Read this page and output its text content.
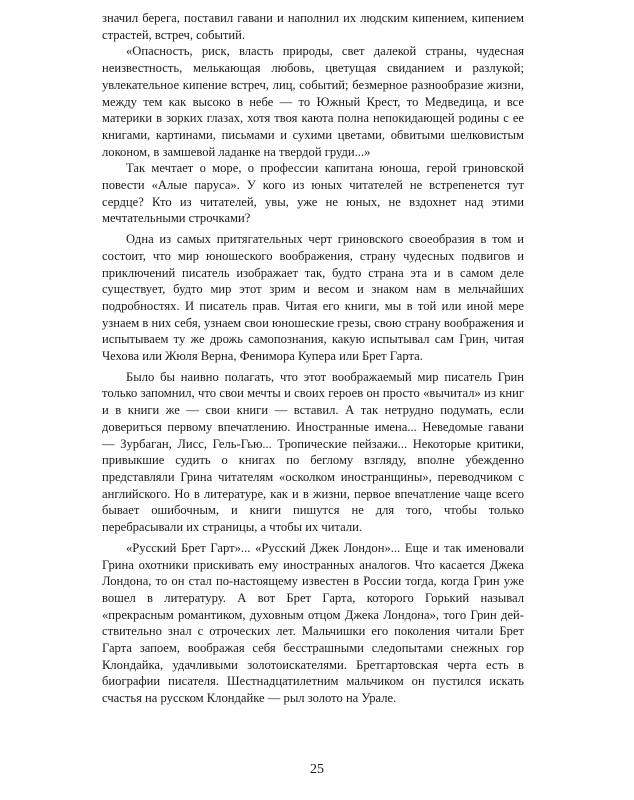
значил берега, поставил гавани и наполнил их людским кипением, кипением страстей, встреч, событий.

«Опасность, риск, власть природы, свет далекой страны, чудесная неизвестность, мелькающая любовь, цветущая свиданием и разлукой; увлекательное кипение встреч, лиц, событий; безмерное разнообразие жизни, между тем как высоко в небе — то Южный Крест, то Медведица, и все материки в зорких глазах, хотя твоя каюта полна непокидающей родины с ее книгами, картинами, письмами и сухими цветами, обвитыми шелковистым локоном, в замшевой ладанке на твердой груди...»

Так мечтает о море, о профессии капитана юноша, герой гриновской повести «Алые паруса». У кого из юных читателей не встрепенется тут сердце? Кто из читателей, увы, уже не юных, не вздохнет над этими мечтательными строчками?

Одна из самых притягательных черт гриновского своеобразия в том и состоит, что мир юношеского воображения, страну чудесных подвигов и приключений писатель изображает так, будто страна эта и в самом деле существует, будто мир этот зрим и весом и знаком нам в мельчайших подробностях. И писатель прав. Читая его книги, мы в той или иной мере узнаем в них себя, узнаем свои юношеские грезы, свою страну воображения и испытываем ту же дрожь самопознания, какую испытывал сам Грин, читая Чехова или Жюля Верна, Фенимора Купера или Брет Гарта.

Было бы наивно полагать, что этот воображаемый мир писатель Грин только запомнил, что свои мечты и своих героев он просто «вычитал» из книг и в книги же — свои книги — вставил. А так нетрудно подумать, если довериться первому впечатлению. Иностранные имена... Неведомые гавани — Зурбаган, Лисс, Гель-Гью... Тропические пейзажи... Некоторые критики, привыкшие судить о книгах по беглому взгляду, вполне убежденно представляли Грина читателям «осколком иностранщины», переводчиком с английского. Но в литературе, как и в жизни, первое впечатление чаще всего бывает ошибочным, и книги пишутся не для того, чтобы только перебрасывали их страницы, а чтобы их читали.

«Русский Брет Гарт»... «Русский Джек Лондон»... Еще и так именовали Грина охотники прискивать ему иностранных аналогов. Что касается Джека Лондона, то он стал по-настоящему известен в России тогда, когда Грин уже вошел в литературу. А вот Брет Гарта, которого Горький называл «прекрасным романтиком, духовным отцом Джека Лондона», того Грин действительно знал с отроческих лет. Мальчишки его поколения читали Брет Гарта запоем, воображая себя бесстрашными следопытами снежных гор Клондайка, удачливыми золотоискателями. Бретгартовская черта есть в биографии писателя. Шестнадцатилетним мальчиком он пустился искать счастья на русском Клондайке — рыл золото на Урале.

25
